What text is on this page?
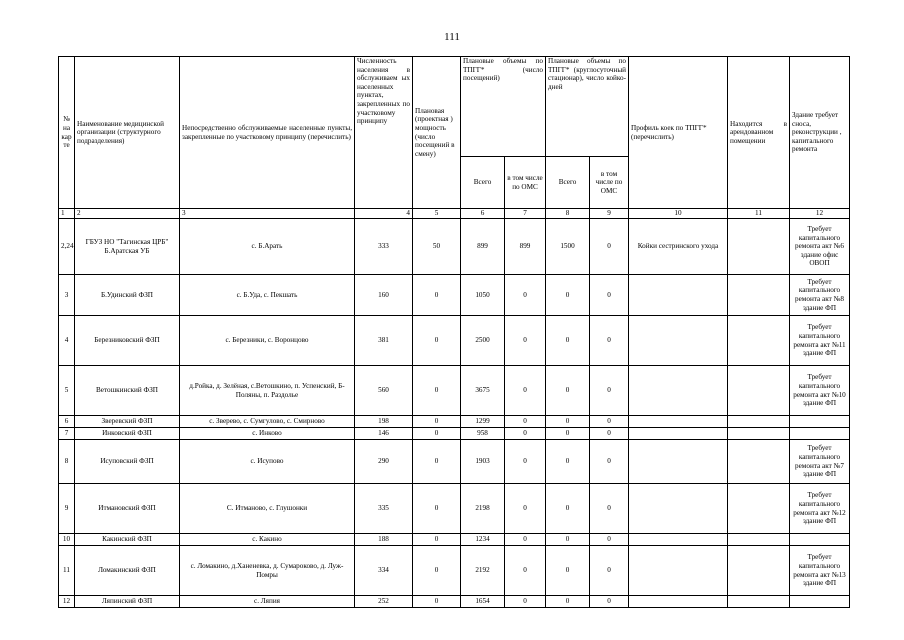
111
№ на кар те	Наименование медицинской организации (структурного подразделения)	Непосредственно обслуживаемые населенные пункты, закрепленные по участковому принципу (перечислить)	Численность населения в обслуживаем ых населенных пунктах, закрепленных по участковому принципу	Плановая (проектная ) мощность (число посещений в смену)	Плановые объемы по ТПГГ* (число посещений)		Плановые объемы по ТПГГ* (круглосуточный стационар), число койко-дней		Профиль коек по ТПГГ* (перечислить)	Находится в арендованном помещении	Здание требует сноса, реконструкции , капитального ремонта
					Всего	в том числе по ОМС	Всего	в том числе по ОМС			
1	2	3	4	5	6	7	8	9	10	11	12
2,24	ГБУЗ НО "Тагинская ЦРБ" Б.Аратская УБ	с. Б.Арать	333	50	899	899	1500	0	Койки сестринского ухода		Требует капитального ремонта акт №6 здание офис ОВОП
3	Б.Удинский ФЗП	с. Б.Уда, с. Пекшать	160	0	1050	0	0	0			Требует капитального ремонта акт №8 здание ФП
4	Березниковский ФЗП	с. Березники, с. Воронцово	381	0	2500	0	0	0			Требует капитального ремонта акт №11 здание ФП
5	Ветошкинский ФЗП	д.Ройка, д. Зелёная, с.Ветошкино, п. Успенский, Б-Поляны, п. Раздолье	560	0	3675	0	0	0			Требует капитального ремонта акт №10 здание ФП
6	Зверевский ФЗП	с. Зверево, с. Сумгулово, с. Смирново	198	0	1299	0	0	0			
7	Инковский ФЗП	с. Инково	146	0	958	0	0	0			
8	Исуповский ФЗП	с. Исупово	290	0	1903	0	0	0			Требует капитального ремонта акт №7 здание ФП
9	Итмановский ФЗП	С. Итманово, с. Глушонки	335	0	2198	0	0	0			Требует капитального ремонта акт №12 здание ФП
10	Какинский ФЗП	с. Какино	188	0	1234	0	0	0			
11	Ломакинский ФЗП	с. Ломакино, д.Ханеневка, д. Сумароково, д. Луж-Помры	334	0	2192	0	0	0			Требует капитального ремонта акт №13 здание ФП
12	Ляпинский ФЗП	с. Ляпия	252	0	1654	0	0	0			
